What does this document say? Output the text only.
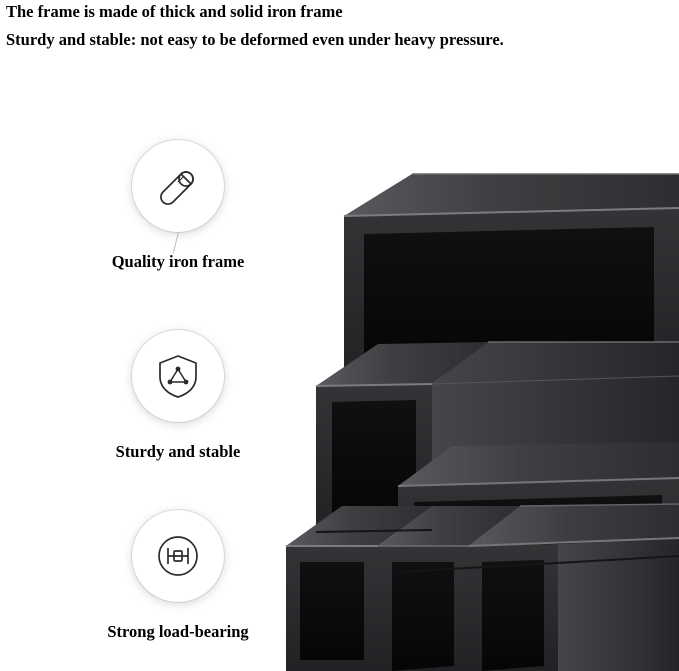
The frame is made of thick and solid iron frame
Sturdy and stable: not easy to be deformed even under heavy pressure.
Quality iron frame
Sturdy and stable
Strong load-bearing
